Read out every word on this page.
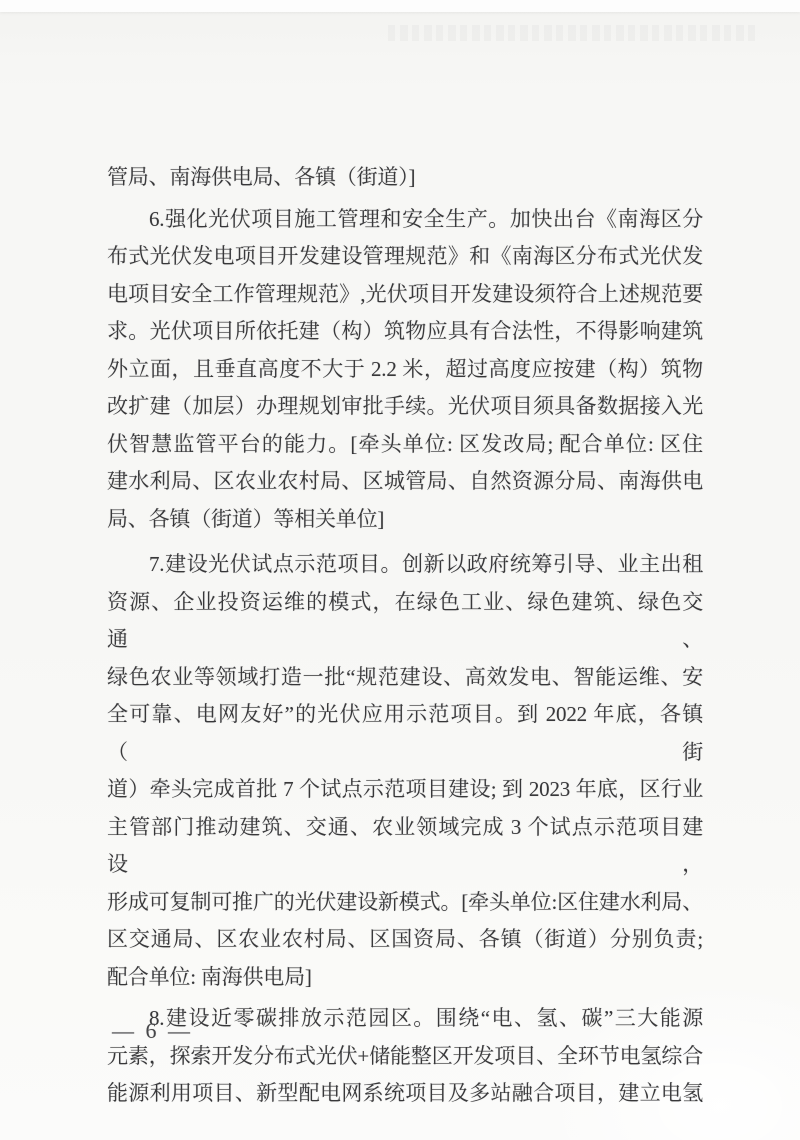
管局、南海供电局、各镇（街道）]
6.强化光伏项目施工管理和安全生产。加快出台《南海区分
布式光伏发电项目开发建设管理规范》和《南海区分布式光伏发
电项目安全工作管理规范》,光伏项目开发建设须符合上述规范要
求。光伏项目所依托建（构）筑物应具有合法性，不得影响建筑
外立面，且垂直高度不大于 2.2 米，超过高度应按建（构）筑物
改扩建（加层）办理规划审批手续。光伏项目须具备数据接入光
伏智慧监管平台的能力。[牵头单位: 区发改局; 配合单位: 区住
建水利局、区农业农村局、区城管局、自然资源分局、南海供电
局、各镇（街道）等相关单位]
7.建设光伏试点示范项目。创新以政府统筹引导、业主出租
资源、企业投资运维的模式，在绿色工业、绿色建筑、绿色交通、
绿色农业等领域打造一批“规范建设、高效发电、智能运维、安
全可靠、电网友好”的光伏应用示范项目。到 2022 年底，各镇（街
道）牵头完成首批 7 个试点示范项目建设; 到 2023 年底，区行业
主管部门推动建筑、交通、农业领域完成 3 个试点示范项目建设，
形成可复制可推广的光伏建设新模式。[牵头单位:区住建水利局、
区交通局、区农业农村局、区国资局、各镇（街道）分别负责;
配合单位: 南海供电局]
8.建设近零碳排放示范园区。围绕“电、氢、碳”三大能源
元素，探索开发分布式光伏+储能整区开发项目、全环节电氢综合
能源利用项目、新型配电网系统项目及多站融合项目，建立电氢
— 6 —
